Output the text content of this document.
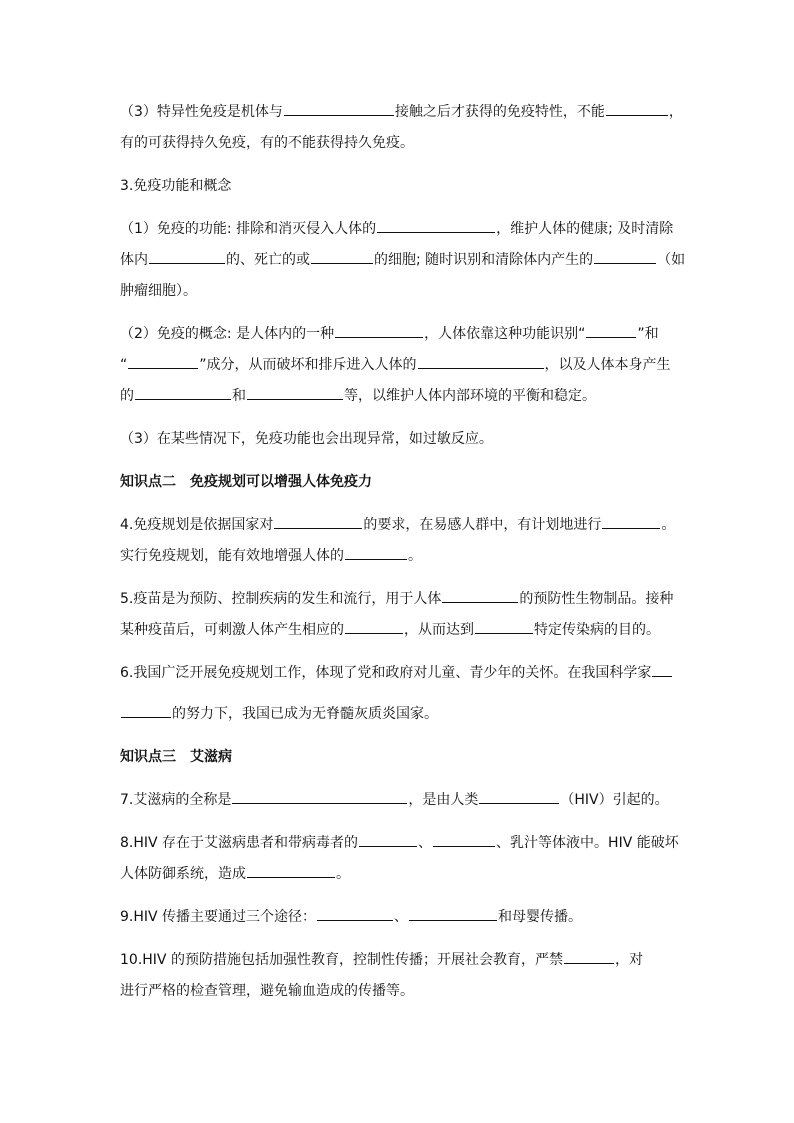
（3）特异性免疫是机体与	接触之后才获得的免疫特性，不能	，
有的可获得持久免疫，有的不能获得持久免疫。
3.免疫功能和概念
（1）免疫的功能: 排除和消灭侵入人体的	，维护人体的健康; 及时清除
体内	的、死亡的或	的细胞; 随时识别和清除体内产生的	（如
肿瘤细胞）。
（2）免疫的概念: 是人体内的一种	，人体依靠这种功能识别“	”和
“	”成分，从而破坏和排斥进入人体的	，以及人体本身产生
的	和	等，以维护人体内部环境的平衡和稳定。
（3）在某些情况下，免疫功能也会出现异常，如过敏反应。
知识点二　免疫规划可以增强人体免疫力
4.免疫规划是依据国家对	的要求，在易感人群中，有计划地进行	。
实行免疫规划，能有效地增强人体的	。
5.疫苗是为预防、控制疾病的发生和流行，用于人体	的预防性生物制品。接种
某种疫苗后，可刺激人体产生相应的	，从而达到	特定传染病的目的。
6.我国广泛开展免疫规划工作，体现了党和政府对儿童、青少年的关怀。在我国科学家
的努力下，我国已成为无脊髓灰质炎国家。
知识点三　艾滋病
7.艾滋病的全称是	，是由人类	（HIV）引起的。
8.HIV 存在于艾滋病患者和带病毒者的	、	、乳汁等体液中。HIV 能破坏
人体防御系统，造成	。
9.HIV 传播主要通过三个途径：	、	和母婴传播。
10.HIV 的预防措施包括加强性教育，控制性传播；开展社会教育，严禁	，对
进行严格的检查管理，避免输血造成的传播等。
